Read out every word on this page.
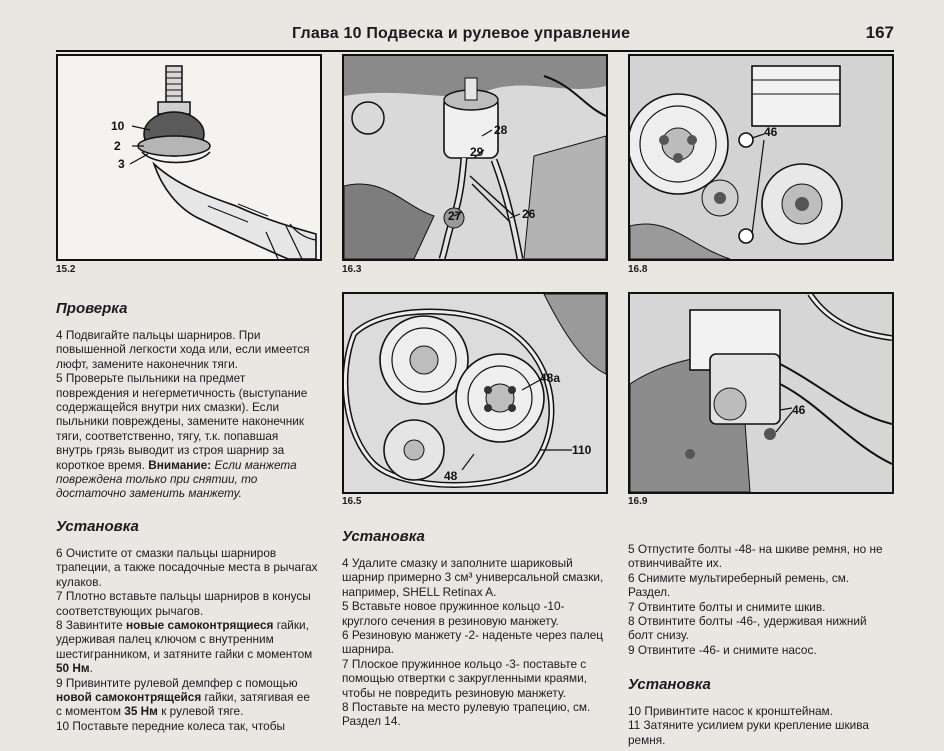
Глава 10 Подвеска и рулевое управление	167
10
2
3
15.2
28
29
27	26
16.3
46
16.8
48a
110
48
16.5
46
16.9
Проверка

4 Подвигайте пальцы шарниров. При повышенной легкости хода или, если имеется люфт, замените наконечник тяги.

5 Проверьте пыльники на предмет повреждения и негерметичность (выступание содержащейся внутри них смазки). Если пыльники повреждены, замените наконечник тяги, соответственно, тягу, т.к. попавшая внутрь грязь выводит из строя шарнир за короткое время. Внимание: Если манжета повреждена только при снятии, то достаточно заменить манжету.

Установка

6 Очистите от смазки пальцы шарниров трапеции, а также посадочные места в рычагах кулаков.

7 Плотно вставьте пальцы шарниров в конусы соответствующих рычагов.

8 Завинтите новые самоконтрящиеся гайки, удерживая палец ключом с внутренним шестигранником, и затяните гайки с моментом 50 Нм.

9 Привинтите рулевой демпфер с помощью новой самоконтрящейся гайки, затягивая ее с моментом 35 Нм к рулевой тяге.

10 Поставьте передние колеса так, чтобы

Установка

4 Удалите смазку и заполните шариковый шарнир примерно 3 см³ универсальной смазки, например, SHELL Retinax A.

5 Вставьте новое пружинное кольцо -10- круглого сечения в резиновую манжету.

6 Резиновую манжету -2- наденьте через палец шарнира.

7 Плоское пружинное кольцо -3- поставьте с помощью отвертки с закругленными краями, чтобы не повредить резиновую манжету.

8 Поставьте на место рулевую трапецию, см. Раздел 14.

5 Отпустите болты -48- на шкиве ремня, но не отвинчивайте их.

6 Снимите мультиреберный ремень, см. Раздел.

7 Отвинтите болты и снимите шкив.

8 Отвинтите болты -46-, удерживая нижний болт снизу.

9 Отвинтите -46- и снимите насос.

Установка

10 Привинтите насос к кронштейнам.

11 Затяните усилием руки крепление шкива ремня.
